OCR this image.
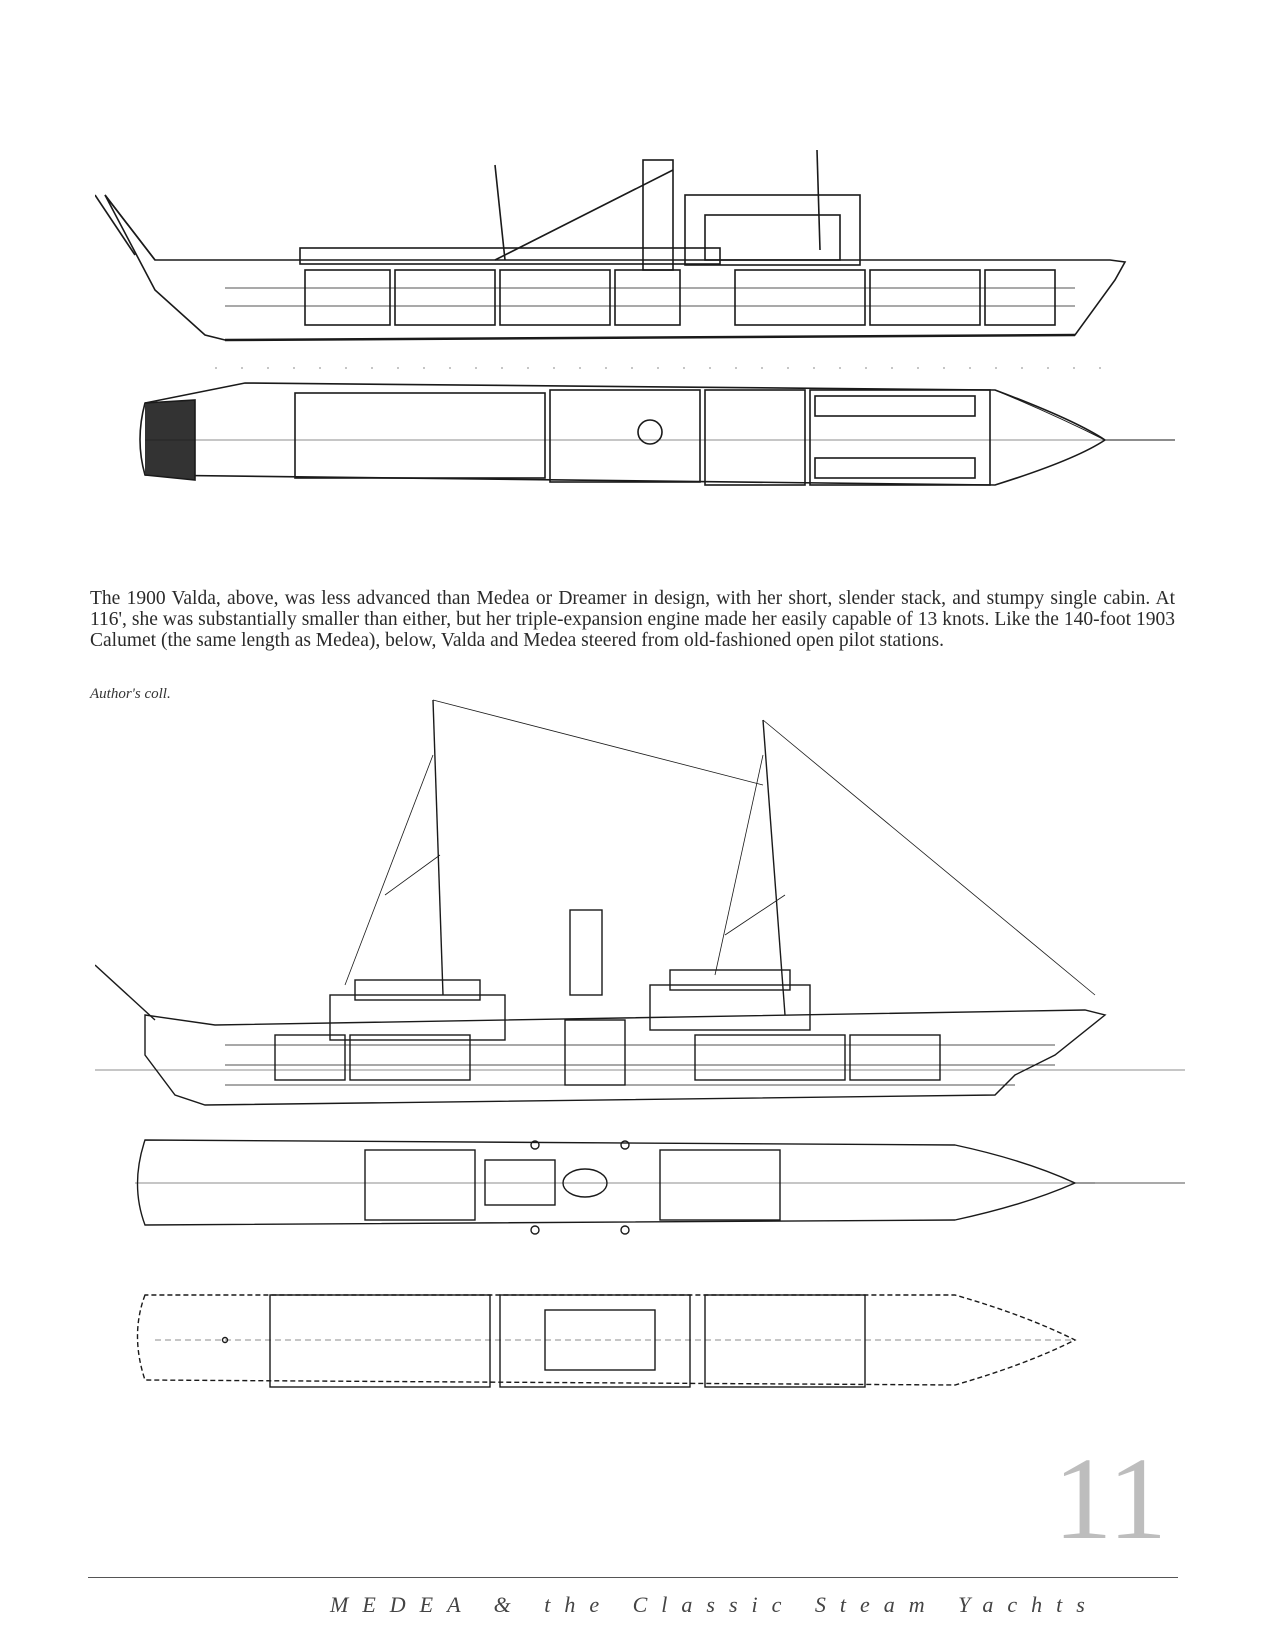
The 1900 Valda, above, was less advanced than Medea or Dreamer in design, with her short, slender stack, and stumpy single cabin. At 116', she was substantially smaller than either, but her triple-expansion engine made her easily capable of 13 knots. Like the 140-foot 1903 Calumet (the same length as Medea), below, Valda and Medea steered from old-fashioned open pilot stations.

Author's coll.
11
MEDEA & the Classic Steam Yachts
